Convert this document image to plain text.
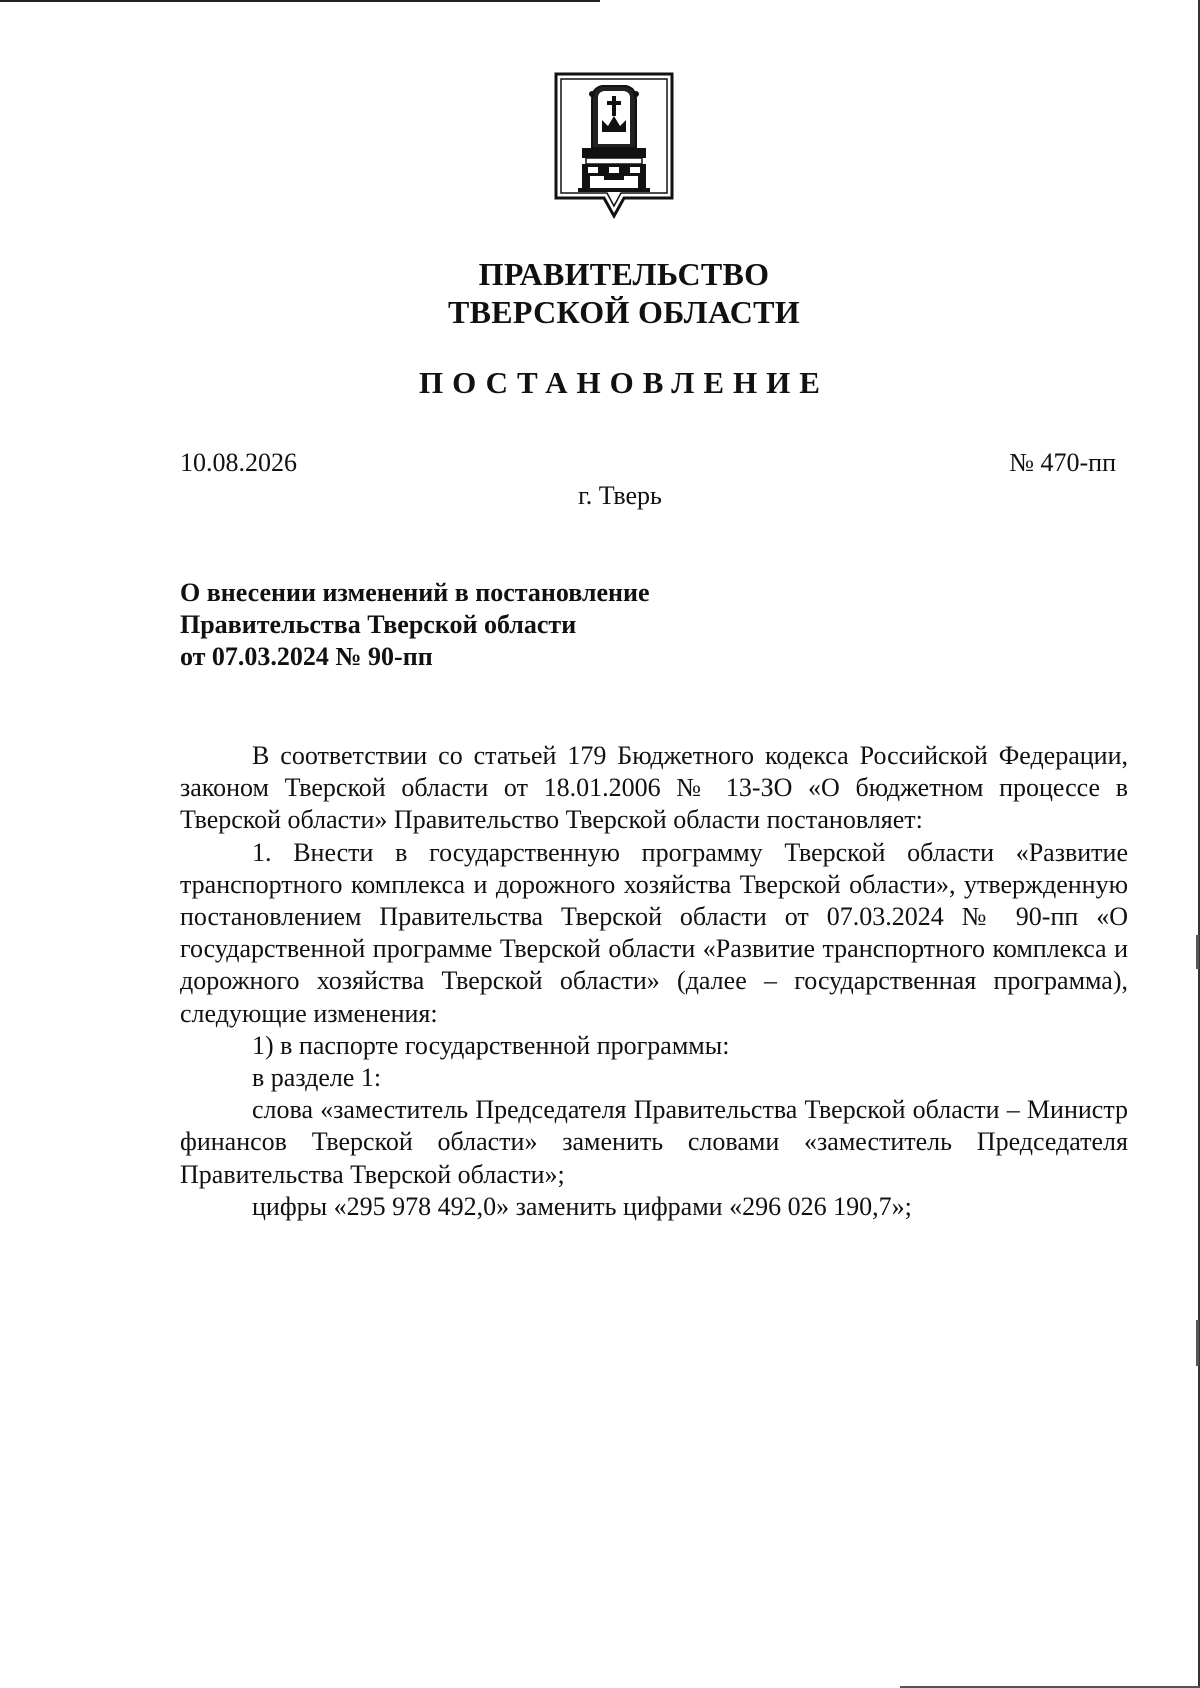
ПРАВИТЕЛЬСТВО
ТВЕРСКОЙ ОБЛАСТИ
ПОСТАНОВЛЕНИЕ
10.08.2026	№ 470-пп
г. Тверь
О внесении изменений в постановление
Правительства Тверской области
от 07.03.2024 № 90-пп

В соответствии со статьей 179 Бюджетного кодекса Российской Федерации, законом Тверской области от 18.01.2006 № 13-ЗО «О бюджетном процессе в Тверской области» Правительство Тверской области постановляет:

1. Внести в государственную программу Тверской области «Развитие транспортного комплекса и дорожного хозяйства Тверской области», утвержденную постановлением Правительства Тверской области от 07.03.2024 № 90-пп «О государственной программе Тверской области «Развитие транспортного комплекса и дорожного хозяйства Тверской области» (далее – государственная программа), следующие изменения:

1) в паспорте государственной программы:

в разделе 1:

слова «заместитель Председателя Правительства Тверской области – Министр финансов Тверской области» заменить словами «заместитель Председателя Правительства Тверской области»;

цифры «295 978 492,0» заменить цифрами «296 026 190,7»;
